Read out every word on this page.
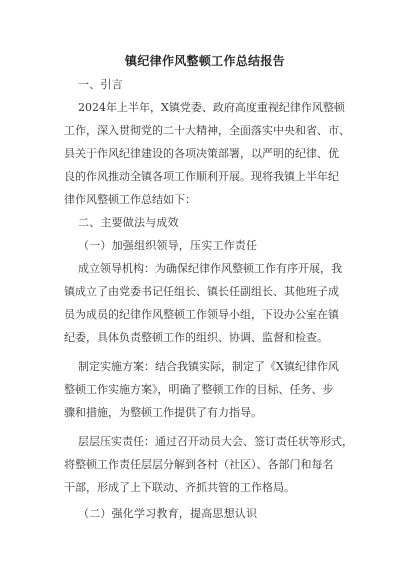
镇纪律作风整顿工作总结报告
一、引言
2024年上半年，X镇党委、政府高度重视纪律作风整顿
工作，深入贯彻党的二十大精神，全面落实中央和省、市、
县关于作风纪律建设的各项决策部署，以严明的纪律、优
良的作风推动全镇各项工作顺利开展。现将我镇上半年纪
律作风整顿工作总结如下：
二、主要做法与成效
（一）加强组织领导，压实工作责任
成立领导机构：为确保纪律作风整顿工作有序开展，我
镇成立了由党委书记任组长、镇长任副组长、其他班子成
员为成员的纪律作风整顿工作领导小组，下设办公室在镇
纪委，具体负责整顿工作的组织、协调、监督和检查。
制定实施方案：结合我镇实际，制定了《X镇纪律作风
整顿工作实施方案》，明确了整顿工作的目标、任务、步
骤和措施，为整顿工作提供了有力指导。
层层压实责任：通过召开动员大会、签订责任状等形式，
将整顿工作责任层层分解到各村（社区）、各部门和每名
干部，形成了上下联动、齐抓共管的工作格局。
（二）强化学习教育，提高思想认识
